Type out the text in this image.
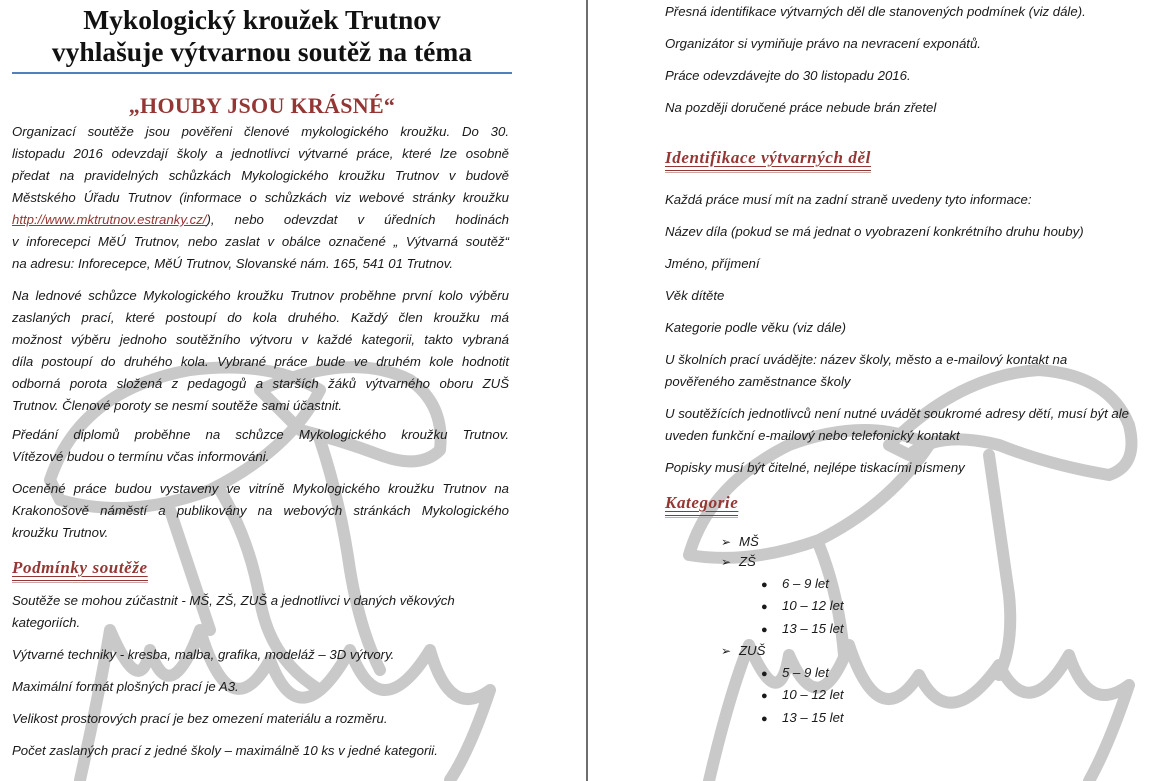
Mykologický kroužek Trutnov
vyhlašuje výtvarnou soutěž na téma
„HOUBY JSOU KRÁSNÉ“
Organizací soutěže jsou pověřeni členové mykologického kroužku. Do 30.
listopadu 2016 odevzdají školy a jednotlivci výtvarné práce, které lze osobně
předat na pravidelných schůzkách Mykologického kroužku Trutnov v budově
Městského Úřadu Trutnov (informace o schůzkách viz webové stránky kroužku
http://www.mktrutnov.estranky.cz/), nebo odevzdat v úředních hodinách
v inforecepci MěÚ Trutnov, nebo zaslat v obálce označené „ Výtvarná soutěž“
na adresu: Inforecepce, MěÚ Trutnov, Slovanské nám. 165, 541 01 Trutnov.
Na lednové schůzce Mykologického kroužku Trutnov proběhne první kolo výběru
zaslaných prací, které postoupí do kola druhého. Každý člen kroužku má
možnost výběru jednoho soutěžního výtvoru v každé kategorii, takto vybraná
díla postoupí do druhého kola. Vybrané práce bude ve druhém kole hodnotit
odborná porota složená z pedagogů a starších žáků výtvarného oboru ZUŠ
Trutnov. Členové poroty se nesmí soutěže sami účastnit.
Předání diplomů proběhne na schůzce Mykologického kroužku Trutnov.
Vítězové budou o termínu včas informováni.
Oceněné práce budou vystaveny ve vitríně Mykologického kroužku Trutnov na
Krakonošově náměstí a publikovány na webových stránkách Mykologického
kroužku Trutnov.
Podmínky soutěže
Soutěže se mohou zúčastnit - MŠ, ZŠ, ZUŠ a jednotlivci v daných věkových
kategoriích.
Výtvarné techniky - kresba, malba, grafika, modeláž – 3D výtvory.
Maximální formát plošných prací je A3.
Velikost prostorových prací je bez omezení materiálu a rozměru.
Počet zaslaných prací z jedné školy – maximálně 10 ks v jedné kategorii.
Přesná identifikace výtvarných děl dle stanovených podmínek (viz dále).
Organizátor si vymiňuje právo na nevracení exponátů.
Práce odevzdávejte do 30 listopadu 2016.
Na později doručené práce nebude brán zřetel
Identifikace výtvarných děl
Každá práce musí mít na zadní straně uvedeny tyto informace:
Název díla (pokud se má jednat o vyobrazení konkrétního druhu houby)
Jméno, příjmení
Věk dítěte
Kategorie podle věku (viz dále)
U školních prací uvádějte: název školy, město a e-mailový kontakt na
pověřeného zaměstnance školy
U soutěžících jednotlivců není nutné uvádět soukromé adresy dětí, musí být ale
uveden funkční e-mailový nebo telefonický kontakt
Popisky musí být čitelné, nejlépe tiskacími písmeny
Kategorie
➢ MŠ
➢ ZŠ
● 6 – 9 let
● 10 – 12 let
● 13 – 15 let
➢ ZUŠ
● 5 – 9 let
● 10 – 12 let
● 13 – 15 let
